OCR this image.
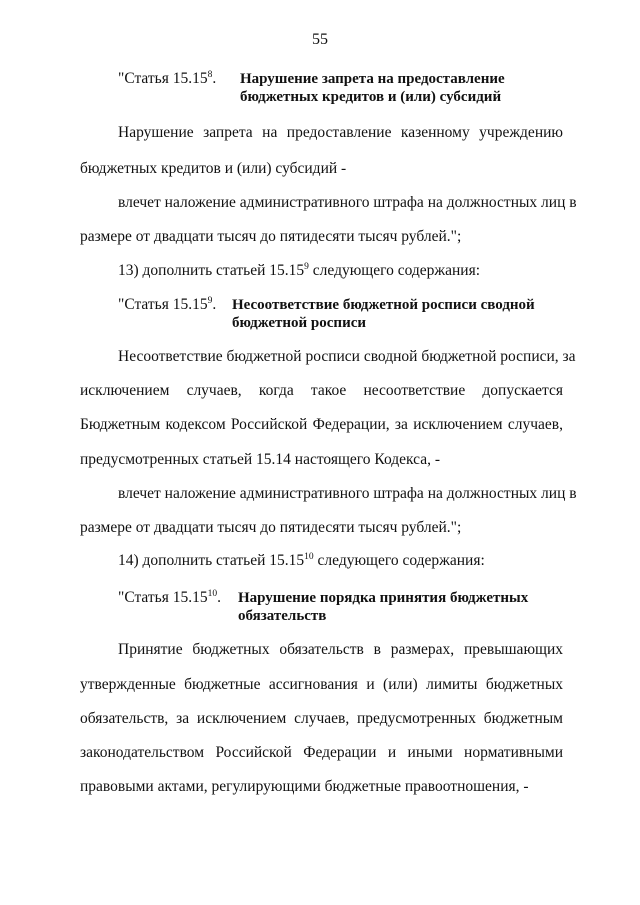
55
"Статья 15.15$^8$. Нарушение запрета на предоставление
бюджетных кредитов и (или) субсидий
Нарушение запрета на предоставление казенному учреждению
бюджетных кредитов и (или) субсидий -
влечет наложение административного штрафа на должностных лиц в
размере от двадцати тысяч до пятидесяти тысяч рублей.";
13) дополнить статьей 15.15$^9$ следующего содержания:
"Статья 15.15$^9$. Несоответствие бюджетной росписи сводной
бюджетной росписи
Несоответствие бюджетной росписи сводной бюджетной росписи, за
исключением случаев, когда такое несоответствие допускается
Бюджетным кодексом Российской Федерации, за исключением случаев,
предусмотренных статьей 15.14 настоящего Кодекса, -
влечет наложение административного штрафа на должностных лиц в
размере от двадцати тысяч до пятидесяти тысяч рублей.";
14) дополнить статьей 15.15$^{10}$ следующего содержания:
"Статья 15.15$^{10}$. Нарушение порядка принятия бюджетных
обязательств
Принятие бюджетных обязательств в размерах, превышающих
утвержденные бюджетные ассигнования и (или) лимиты бюджетных
обязательств, за исключением случаев, предусмотренных бюджетным
законодательством Российской Федерации и иными нормативными
правовыми актами, регулирующими бюджетные правоотношения, -
